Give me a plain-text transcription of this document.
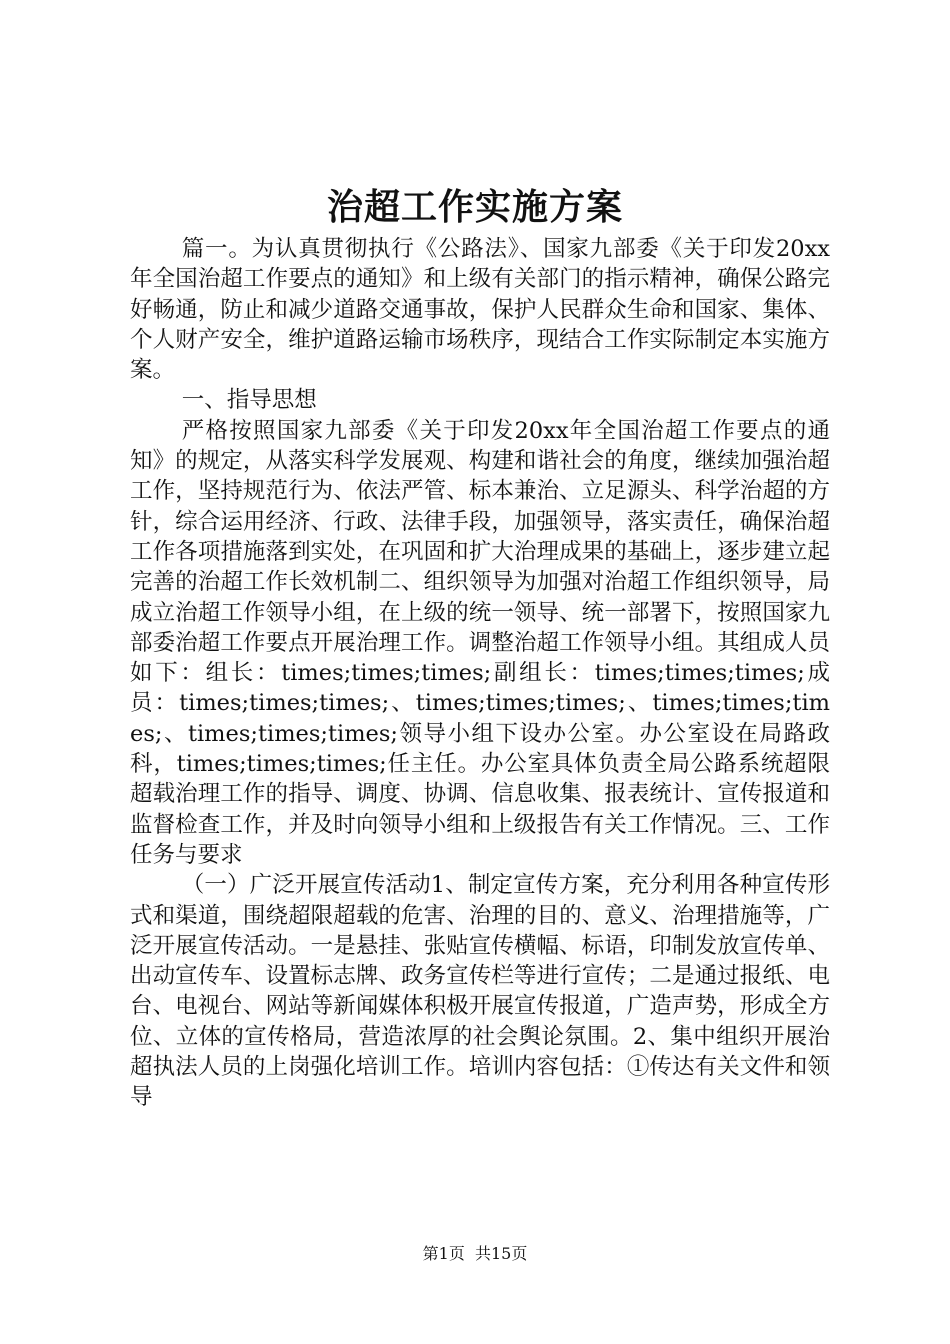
治超工作实施方案

篇一。为认真贯彻执行《公路法》、国家九部委《关于印发20xx年全国治超工作要点的通知》和上级有关部门的指示精神，确保公路完好畅通，防止和减少道路交通事故，保护人民群众生命和国家、集体、个人财产安全，维护道路运输市场秩序，现结合工作实际制定本实施方案。

一、指导思想

严格按照国家九部委《关于印发20xx年全国治超工作要点的通知》的规定，从落实科学发展观、构建和谐社会的角度，继续加强治超工作，坚持规范行为、依法严管、标本兼治、立足源头、科学治超的方针，综合运用经济、行政、法律手段，加强领导，落实责任，确保治超工作各项措施落到实处，在巩固和扩大治理成果的基础上，逐步建立起完善的治超工作长效机制二、组织领导为加强对治超工作组织领导，局成立治超工作领导小组，在上级的统一领导、统一部署下，按照国家九部委治超工作要点开展治理工作。调整治超工作领导小组。其组成人员如下：组长：times;times;times;副组长：times;times;times;成员：times;times;times;、times;times;times;、times;times;times;、times;times;times;领导小组下设办公室。办公室设在局路政科，times;times;times;任主任。办公室具体负责全局公路系统超限超载治理工作的指导、调度、协调、信息收集、报表统计、宣传报道和监督检查工作，并及时向领导小组和上级报告有关工作情况。三、工作任务与要求

（一）广泛开展宣传活动1、制定宣传方案，充分利用各种宣传形式和渠道，围绕超限超载的危害、治理的目的、意义、治理措施等，广泛开展宣传活动。一是悬挂、张贴宣传横幅、标语，印制发放宣传单、出动宣传车、设置标志牌、政务宣传栏等进行宣传；二是通过报纸、电台、电视台、网站等新闻媒体积极开展宣传报道，广造声势，形成全方位、立体的宣传格局，营造浓厚的社会舆论氛围。2、集中组织开展治超执法人员的上岗强化培训工作。培训内容包括：①传达有关文件和领导

第1页  共15页
